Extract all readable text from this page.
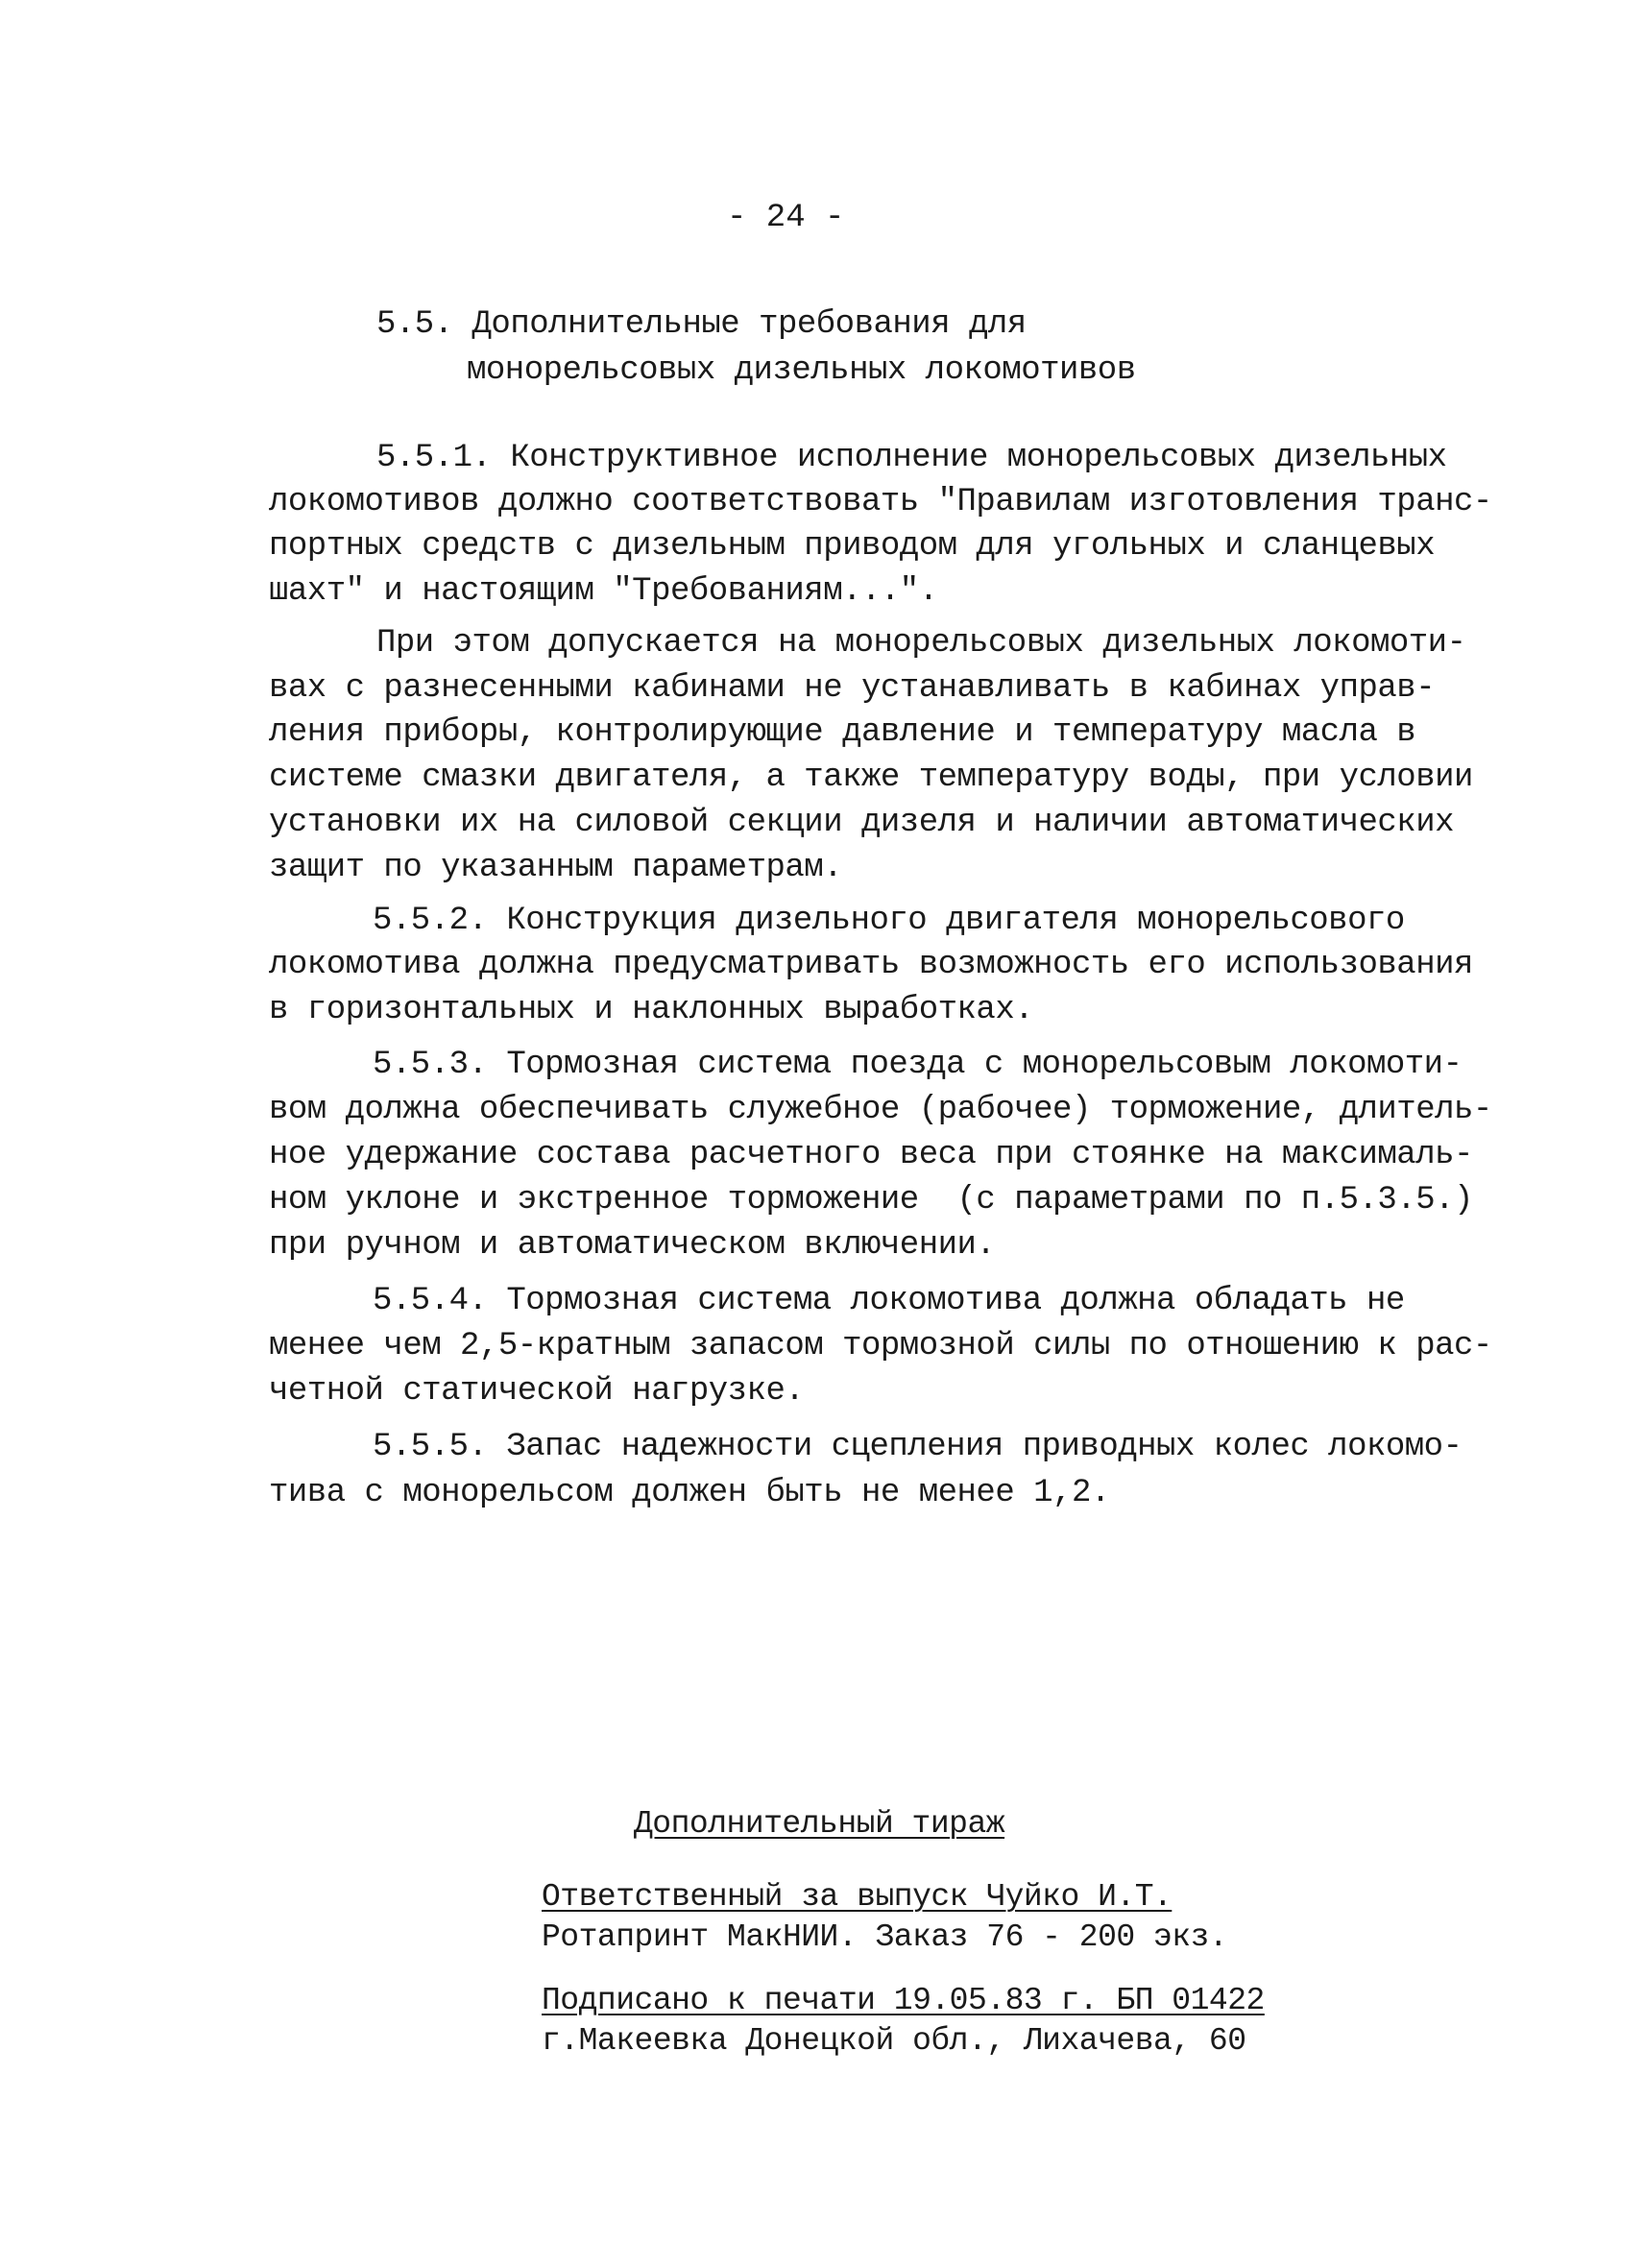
- 24 -
5.5. Дополнительные требования для
монорельсовых дизельных локомотивов
5.5.1. Конструктивное исполнение монорельсовых дизельных
локомотивов должно соответствовать "Правилам изготовления транс-
портных средств с дизельным приводом для угольных и сланцевых
шахт" и настоящим "Требованиям...".
При этом допускается на монорельсовых дизельных локомоти-
вах с разнесенными кабинами не устанавливать в кабинах управ-
ления приборы, контролирующие давление и температуру масла в
системе смазки двигателя, а также температуру воды, при условии
установки их на силовой секции дизеля и наличии автоматических
защит по указанным параметрам.
5.5.2. Конструкция дизельного двигателя монорельсового
локомотива должна предусматривать возможность его использования
в горизонтальных и наклонных выработках.
5.5.3. Тормозная система поезда с монорельсовым локомоти-
вом должна обеспечивать служебное (рабочее) торможение, длитель-
ное удержание состава расчетного веса при стоянке на максималь-
ном уклоне и экстренное торможение  (с параметрами по п.5.3.5.)
при ручном и автоматическом включении.
5.5.4. Тормозная система локомотива должна обладать не
менее чем 2,5-кратным запасом тормозной силы по отношению к рас-
четной статической нагрузке.
5.5.5. Запас надежности сцепления приводных колес локомо-
тива с монорельсом должен быть не менее 1,2.
Дополнительный тираж
Ответственный за выпуск Чуйко И.Т.
Ротапринт МакНИИ. Заказ 76 - 200 экз.
Подписано к печати 19.05.83 г. БП 01422
г.Макеевка Донецкой обл., Лихачева, 60
